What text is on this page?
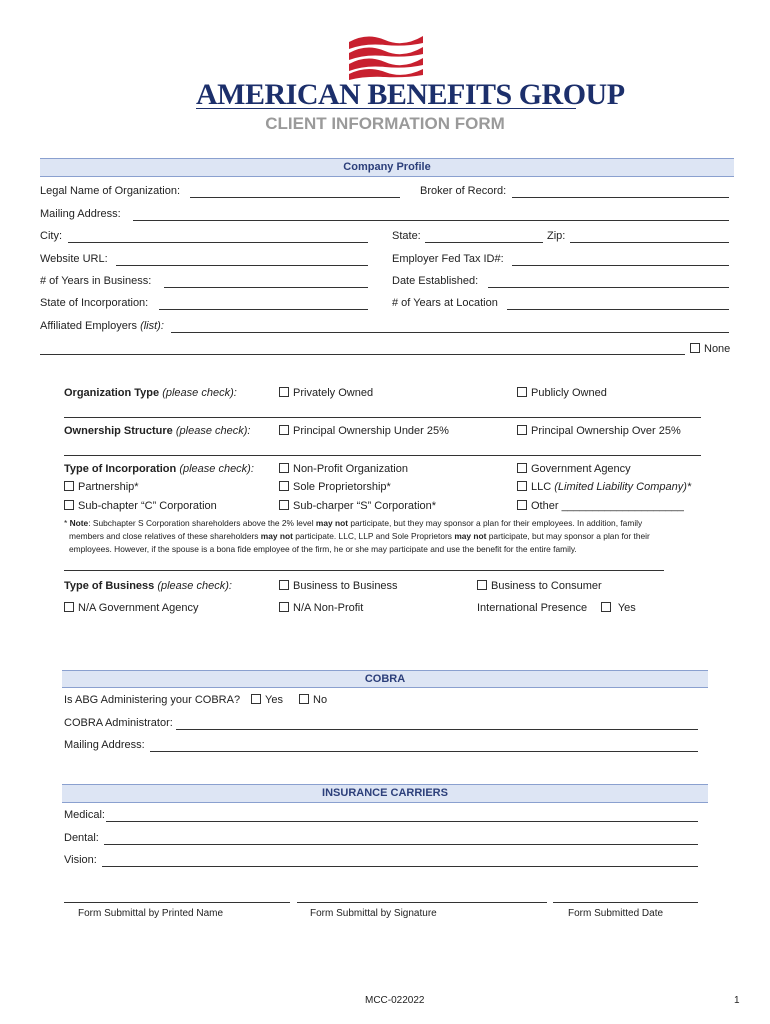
AMERICAN BENEFITS GROUP
CLIENT INFORMATION FORM
Company Profile
Legal Name of Organization:	Broker of Record:
Mailing Address:
City:	State:	Zip:
Website URL:	Employer Fed Tax ID#:
# of Years in Business:	Date Established:
State of Incorporation:	# of Years at Location
Affiliated Employers (list):
None
Organization Type (please check):	Privately Owned	Publicly Owned
Ownership Structure (please check):	Principal Ownership Under 25%	Principal Ownership Over 25%
Type of Incorporation (please check):	Non-Profit Organization	Government Agency
Partnership*	Sole Proprietorship*	LLC (Limited Liability Company)*
Sub-chapter “C” Corporation	Sub-charper “S” Corporation*	Other ____________________
* Note: Subchapter S Corporation shareholders above the 2% level may not participate, but they may sponsor a plan for their employees. In addition, family
members and close relatives of these shareholders may not participate. LLC, LLP and Sole Proprietors may not participate, but may sponsor a plan for their
employees. However, if the spouse is a bona fide employee of the firm, he or she may participate and use the benefit for the entire family.
Type of Business (please check):	Business to Business	Business to Consumer
N/A Government Agency	N/A Non-Profit	International Presence	Yes
COBRA
Is ABG Administering your COBRA?	Yes	No
COBRA Administrator:
Mailing Address:
INSURANCE CARRIERS
Medical:
Dental:
Vision:
Form Submittal by Printed Name	Form Submittal by Signature	Form Submitted Date
MCC-022022	1
